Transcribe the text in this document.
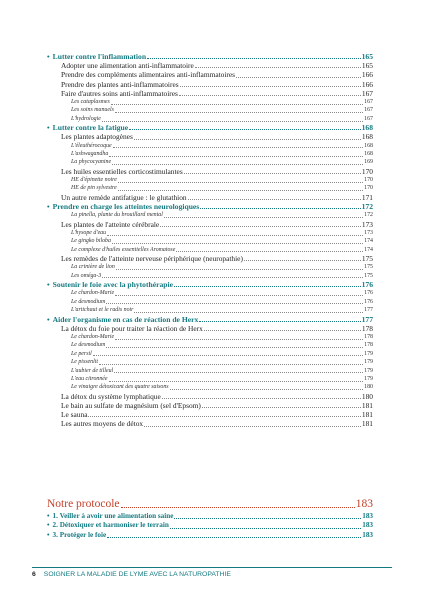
• Lutter contre l'inflammation	165
Adopter une alimentation anti-inflammatoire	165
Prendre des compléments alimentaires anti-inflammatoires	166
Prendre des plantes anti-inflammatoires	166
Faire d'autres soins anti-inflammatoires	167
Les cataplasmes	167
Les soins manuels	167
L'hydrologie	167
• Lutter contre la fatigue	168
Les plantes adaptogènes	168
L'éleuthérocoque	168
L'ashwagandha	168
La phycocyanine	169
Les huiles essentielles corticostimulantes	170
HE d'épinette noire	170
HE de pin sylvestre	170
Un autre remède antifatigue : le glutathion	171
• Prendre en charge les atteintes neurologiques	172
La pinella, plante du brouillard mental	172
Les plantes de l'atteinte cérébrale	173
L'hysope d'eau	173
Le gingko biloba	174
Le complexe d'huiles essentielles Aromatose	174
Les remèdes de l'atteinte nerveuse périphérique (neuropathie)	175
La crinière de lion	175
Les oméga-3	175
• Soutenir le foie avec la phytothérapie	176
Le chardon-Marie	176
Le desmodium	176
L'artichaut et le radis noir	177
• Aider l'organisme en cas de réaction de Herx	177
La détox du foie pour traiter la réaction de Herx	178
Le chardon-Marie	178
Le desmodium	178
Le persil	179
Le pissenlit	179
L'aubier de tilleul	179
L'eau citronnée	179
Le vinaigre détoxicant des quatre saisons	180
La détox du système lymphatique	180
Le bain au sulfate de magnésium (sel d'Epsom)	181
Le sauna	181
Les autres moyens de détox	181
Notre protocole	183
• 1. Veiller à avoir une alimentation saine	183
• 2. Détoxiquer et harmoniser le terrain	183
• 3. Protéger le foie	183
6 SOIGNER LA MALADIE DE LYME AVEC LA NATUROPATHIE
